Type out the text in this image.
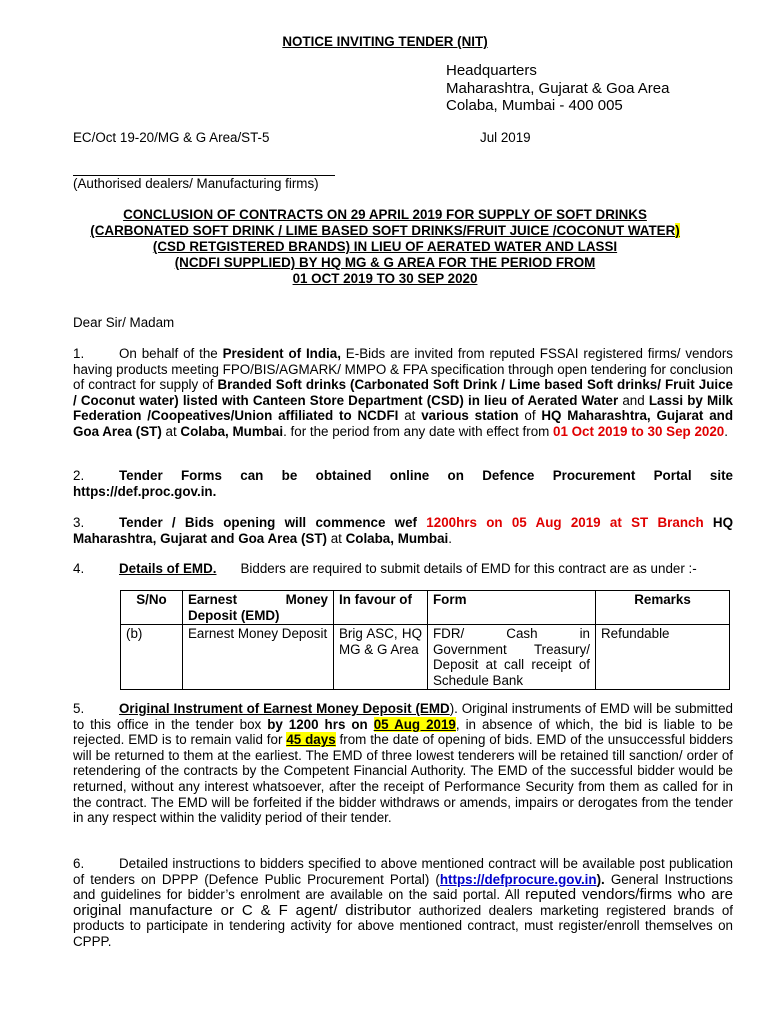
NOTICE INVITING TENDER (NIT)
Headquarters
Maharashtra, Gujarat & Goa Area
Colaba, Mumbai - 400 005
EC/Oct 19-20/MG & G Area/ST-5	Jul 2019
(Authorised dealers/ Manufacturing firms)
CONCLUSION OF CONTRACTS ON 29 APRIL 2019 FOR SUPPLY OF SOFT DRINKS
(CARBONATED SOFT DRINK / LIME BASED SOFT DRINKS/FRUIT JUICE /COCONUT WATER)
(CSD RETGISTERED BRANDS) IN LIEU OF AERATED WATER AND LASSI
(NCDFI SUPPLIED) BY HQ MG & G AREA FOR THE PERIOD FROM
01 OCT 2019 TO 30 SEP 2020
Dear Sir/ Madam
1.	On behalf of the President of India, E-Bids are invited from reputed FSSAI registered firms/ vendors having products meeting FPO/BIS/AGMARK/ MMPO & FPA specification through open tendering for conclusion of contract for supply of Branded Soft drinks (Carbonated Soft Drink / Lime based Soft drinks/ Fruit Juice / Coconut water) listed with Canteen Store Department (CSD) in lieu of Aerated Water and Lassi by Milk Federation /Coopeatives/Union affiliated to NCDFI at various station of HQ Maharashtra, Gujarat and Goa Area (ST) at Colaba, Mumbai. for the period from any date with effect from 01 Oct 2019 to 30 Sep 2020.
2.	Tender Forms can be obtained online on Defence Procurement Portal site https://def.proc.gov.in.
3.	Tender / Bids opening will commence wef 1200hrs on 05 Aug 2019 at ST Branch HQ Maharashtra, Gujarat and Goa Area (ST) at Colaba, Mumbai.
4.	Details of EMD. Bidders are required to submit details of EMD for this contract are as under :-
S/No	Earnest Money Deposit (EMD)	In favour of	Form	Remarks
(b)	Earnest Money Deposit	Brig ASC, HQ MG & G Area	FDR/ Cash in Government Treasury/ Deposit at call receipt of Schedule Bank	Refundable
5.	Original Instrument of Earnest Money Deposit (EMD). Original instruments of EMD will be submitted to this office in the tender box by 1200 hrs on 05 Aug 2019, in absence of which, the bid is liable to be rejected. EMD is to remain valid for 45 days from the date of opening of bids. EMD of the unsuccessful bidders will be returned to them at the earliest. The EMD of three lowest tenderers will be retained till sanction/ order of retendering of the contracts by the Competent Financial Authority. The EMD of the successful bidder would be returned, without any interest whatsoever, after the receipt of Performance Security from them as called for in the contract. The EMD will be forfeited if the bidder withdraws or amends, impairs or derogates from the tender in any respect within the validity period of their tender.
6.	Detailed instructions to bidders specified to above mentioned contract will be available post publication of tenders on DPPP (Defence Public Procurement Portal) (https://defprocure.gov.in). General Instructions and guidelines for bidder’s enrolment are available on the said portal. All reputed vendors/firms who are original manufacture or C & F agent/ distributor authorized dealers marketing registered brands of products to participate in tendering activity for above mentioned contract, must register/enroll themselves on CPPP.
